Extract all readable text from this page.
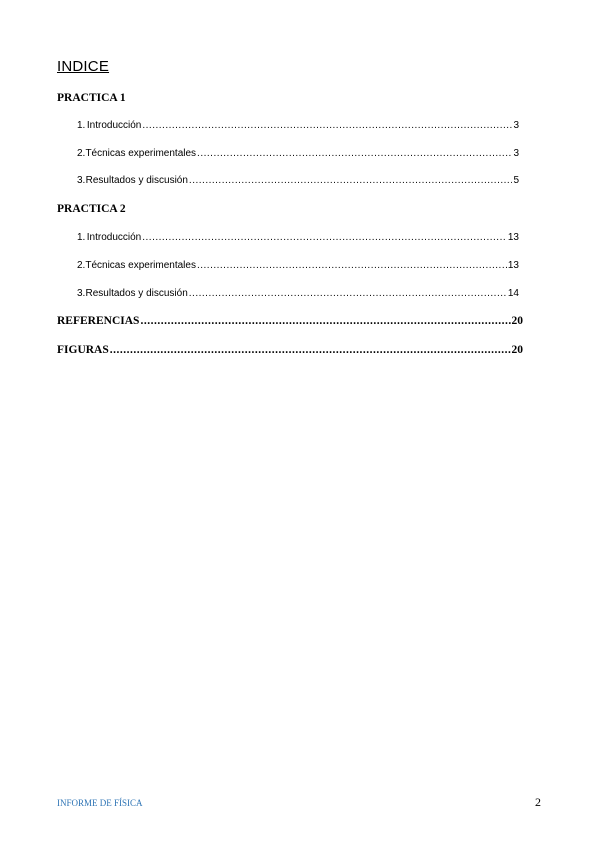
INDICE
PRACTICA 1
1. Introducción .....	3
2. Técnicas experimentales .....	3
3. Resultados y discusión .....	5
PRACTICA 2
1. Introducción .....	13
2. Técnicas experimentales .....	13
3. Resultados y discusión .....	14
REFERENCIAS .....	20
FIGURAS .....	20
INFORME DE FÍSICA	2
